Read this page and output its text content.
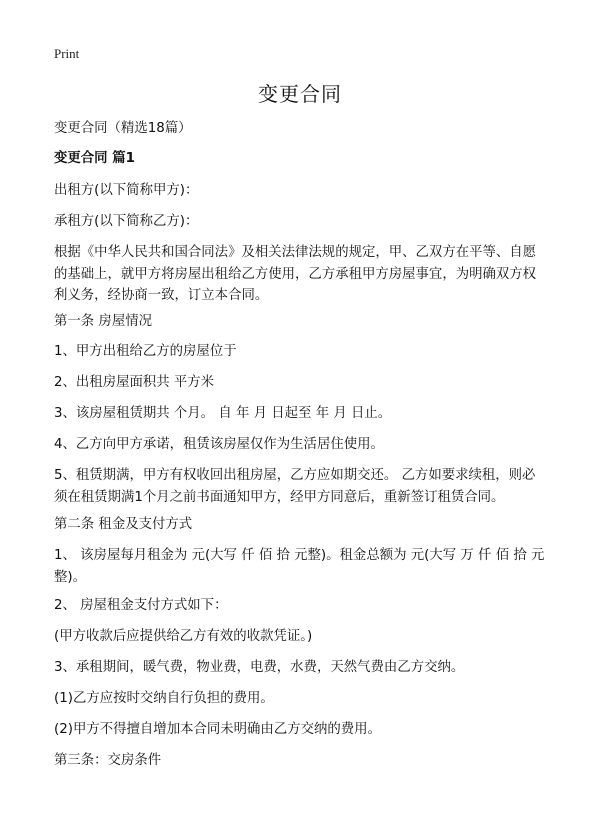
Print
变更合同

变更合同（精选18篇）

变更合同 篇1

出租方(以下简称甲方)：

承租方(以下简称乙方)：

根据《中华人民共和国合同法》及相关法律法规的规定，甲、乙双方在平等、自愿
的基础上，就甲方将房屋出租给乙方使用，乙方承租甲方房屋事宜，为明确双方权
利义务，经协商一致，订立本合同。

第一条 房屋情况

1、甲方出租给乙方的房屋位于

2、出租房屋面积共 平方米

3、该房屋租赁期共 个月。 自 年 月 日起至 年 月 日止。

4、乙方向甲方承诺，租赁该房屋仅作为生活居住使用。

5、租赁期满，甲方有权收回出租房屋，乙方应如期交还。 乙方如要求续租，则必
须在租赁期满1个月之前书面通知甲方，经甲方同意后，重新签订租赁合同。

第二条 租金及支付方式

1、 该房屋每月租金为 元(大写 仟 佰 拾 元整)。租金总额为 元(大写 万 仟 佰 拾 元
整)。

2、 房屋租金支付方式如下：

(甲方收款后应提供给乙方有效的收款凭证。)

3、承租期间，暖气费，物业费，电费，水费，天然气费由乙方交纳。

(1)乙方应按时交纳自行负担的费用。

(2)甲方不得擅自增加本合同未明确由乙方交纳的费用。

第三条：交房条件
